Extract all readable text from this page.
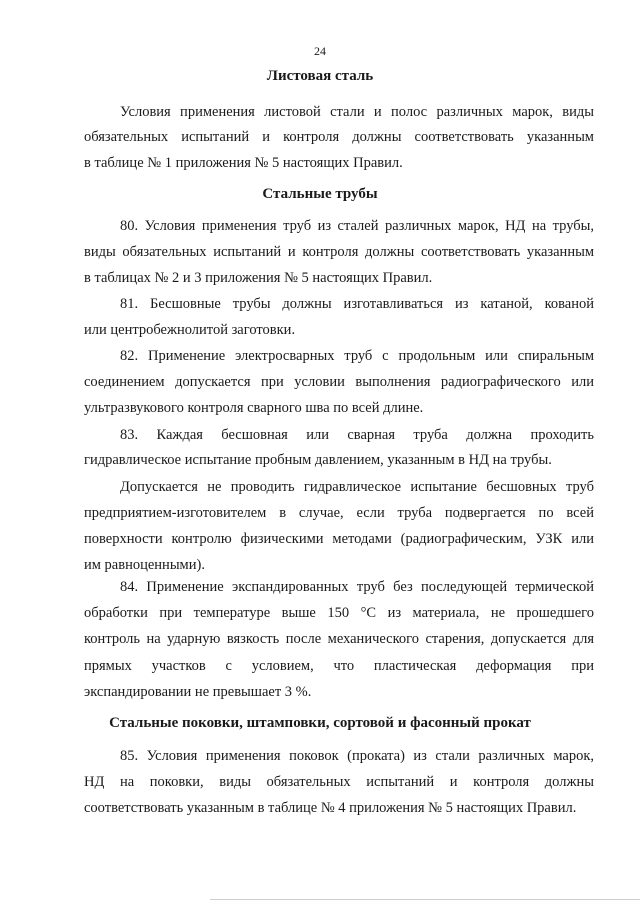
24
Листовая сталь
Условия применения листовой стали и полос различных марок, виды
обязательных испытаний и контроля должны соответствовать указанным
в таблице № 1 приложения № 5 настоящих Правил.
Стальные трубы
80. Условия применения труб из сталей различных марок, НД на трубы,
виды обязательных испытаний и контроля должны соответствовать указанным
в таблицах № 2 и 3 приложения № 5 настоящих Правил.
81. Бесшовные трубы должны изготавливаться из катаной, кованой
или центробежнолитой заготовки.
82. Применение электросварных труб с продольным или спиральным
соединением допускается при условии выполнения радиографического или
ультразвукового контроля сварного шва по всей длине.
83. Каждая бесшовная или сварная труба должна проходить
гидравлическое испытание пробным давлением, указанным в НД на трубы.
Допускается не проводить гидравлическое испытание бесшовных труб
предприятием-изготовителем в случае, если труба подвергается по всей
поверхности контролю физическими методами (радиографическим, УЗК или
им равноценными).
84. Применение экспандированных труб без последующей термической
обработки при температуре выше 150 °С из материала, не прошедшего
контроль на ударную вязкость после механического старения, допускается для
прямых участков с условием, что пластическая деформация при
экспандировании не превышает 3 %.
Стальные поковки, штамповки, сортовой и фасонный прокат
85. Условия применения поковок (проката) из стали различных марок,
НД на поковки, виды обязательных испытаний и контроля должны
соответствовать указанным в таблице № 4 приложения № 5 настоящих Правил.
